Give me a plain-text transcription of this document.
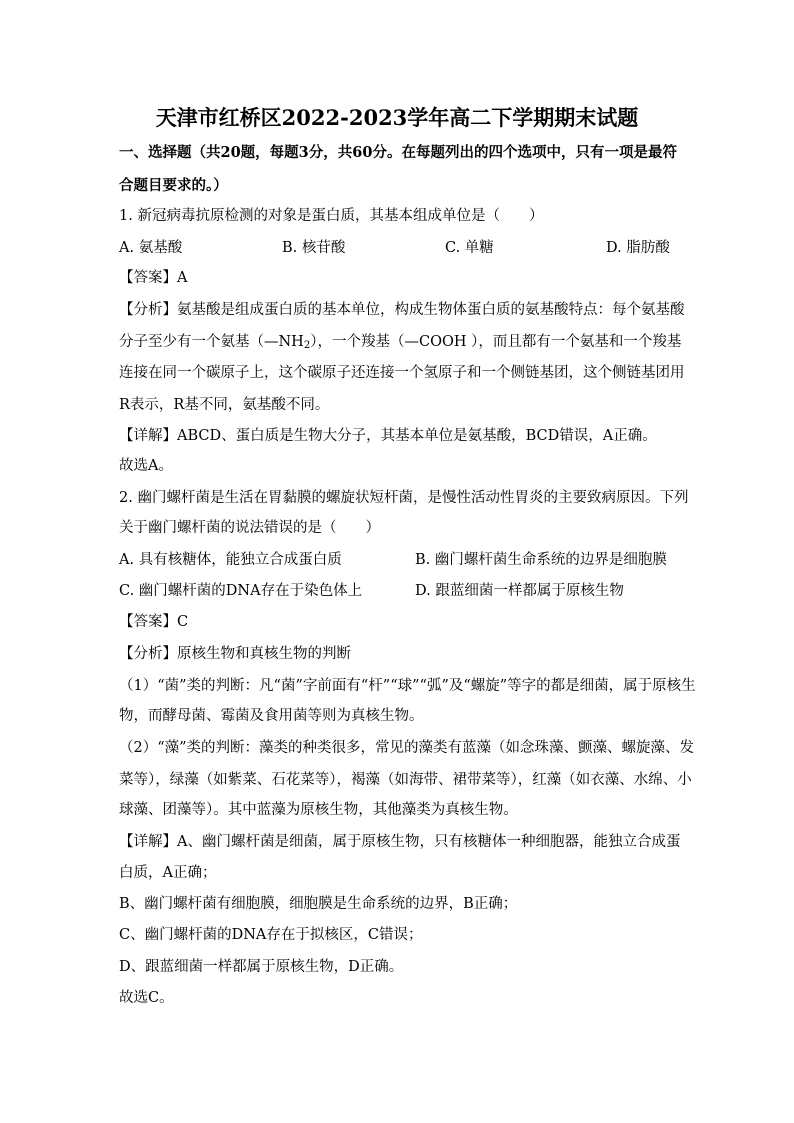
天津市红桥区2022-2023学年高二下学期期末试题
一、选择题（共20题，每题3分，共60分。在每题列出的四个选项中，只有一项是最符
合题目要求的。）
1. 新冠病毒抗原检测的对象是蛋白质，其基本组成单位是（　　）
A. 氨基酸	B. 核苷酸	C. 单糖	D. 脂肪酸
【答案】A
【分析】氨基酸是组成蛋白质的基本单位，构成生物体蛋白质的氨基酸特点：每个氨基酸
分子至少有一个氨基$(—NH_2)$，一个羧基（—COOH ），而且都有一个氨基和一个羧基
连接在同一个碳原子上，这个碳原子还连接一个氢原子和一个侧链基团，这个侧链基团用
R表示，R基不同，氨基酸不同。
【详解】ABCD、蛋白质是生物大分子，其基本单位是氨基酸，BCD错误，A正确。
故选A。
2. 幽门螺杆菌是生活在胃黏膜的螺旋状短杆菌，是慢性活动性胃炎的主要致病原因。下列
关于幽门螺杆菌的说法错误的是（　　）
A. 具有核糖体，能独立合成蛋白质	B. 幽门螺杆菌生命系统的边界是细胞膜
C. 幽门螺杆菌的DNA存在于染色体上	D. 跟蓝细菌一样都属于原核生物
【答案】C
【分析】原核生物和真核生物的判断
（1）“菌”类的判断：凡“菌”字前面有“杆”“球”“弧”及“螺旋”等字的都是细菌，属于原核生
物，而酵母菌、霉菌及食用菌等则为真核生物。
（2）“藻”类的判断：藻类的种类很多，常见的藻类有蓝藻（如念珠藻、颤藻、螺旋藻、发
菜等），绿藻（如紫菜、石花菜等），褐藻（如海带、裙带菜等），红藻（如衣藻、水绵、小
球藻、团藻等）。其中蓝藻为原核生物，其他藻类为真核生物。
【详解】A、幽门螺杆菌是细菌，属于原核生物，只有核糖体一种细胞器，能独立合成蛋
白质，A正确；
B、幽门螺杆菌有细胞膜，细胞膜是生命系统的边界，B正确；
C、幽门螺杆菌的DNA存在于拟核区，C错误；
D、跟蓝细菌一样都属于原核生物，D正确。
故选C。
